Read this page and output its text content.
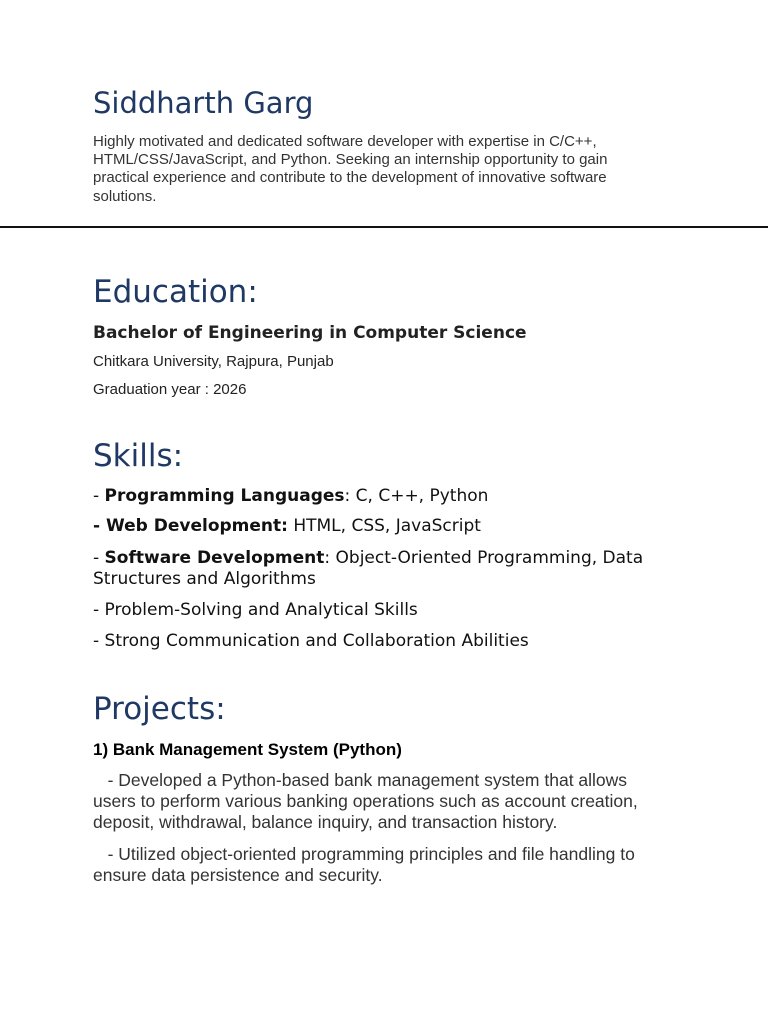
Siddharth Garg

Highly motivated and dedicated software developer with expertise in C/C++, HTML/CSS/JavaScript, and Python. Seeking an internship opportunity to gain practical experience and contribute to the development of innovative software solutions.

Education:

Bachelor of Engineering in Computer Science

Chitkara University, Rajpura, Punjab

Graduation year : 2026

Skills:

- Programming Languages: C, C++, Python

- Web Development: HTML, CSS, JavaScript

- Software Development: Object-Oriented Programming, Data Structures and Algorithms

- Problem-Solving and Analytical Skills

- Strong Communication and Collaboration Abilities

Projects:

1) Bank Management System (Python)

- Developed a Python-based bank management system that allows users to perform various banking operations such as account creation, deposit, withdrawal, balance inquiry, and transaction history.

- Utilized object-oriented programming principles and file handling to ensure data persistence and security.
